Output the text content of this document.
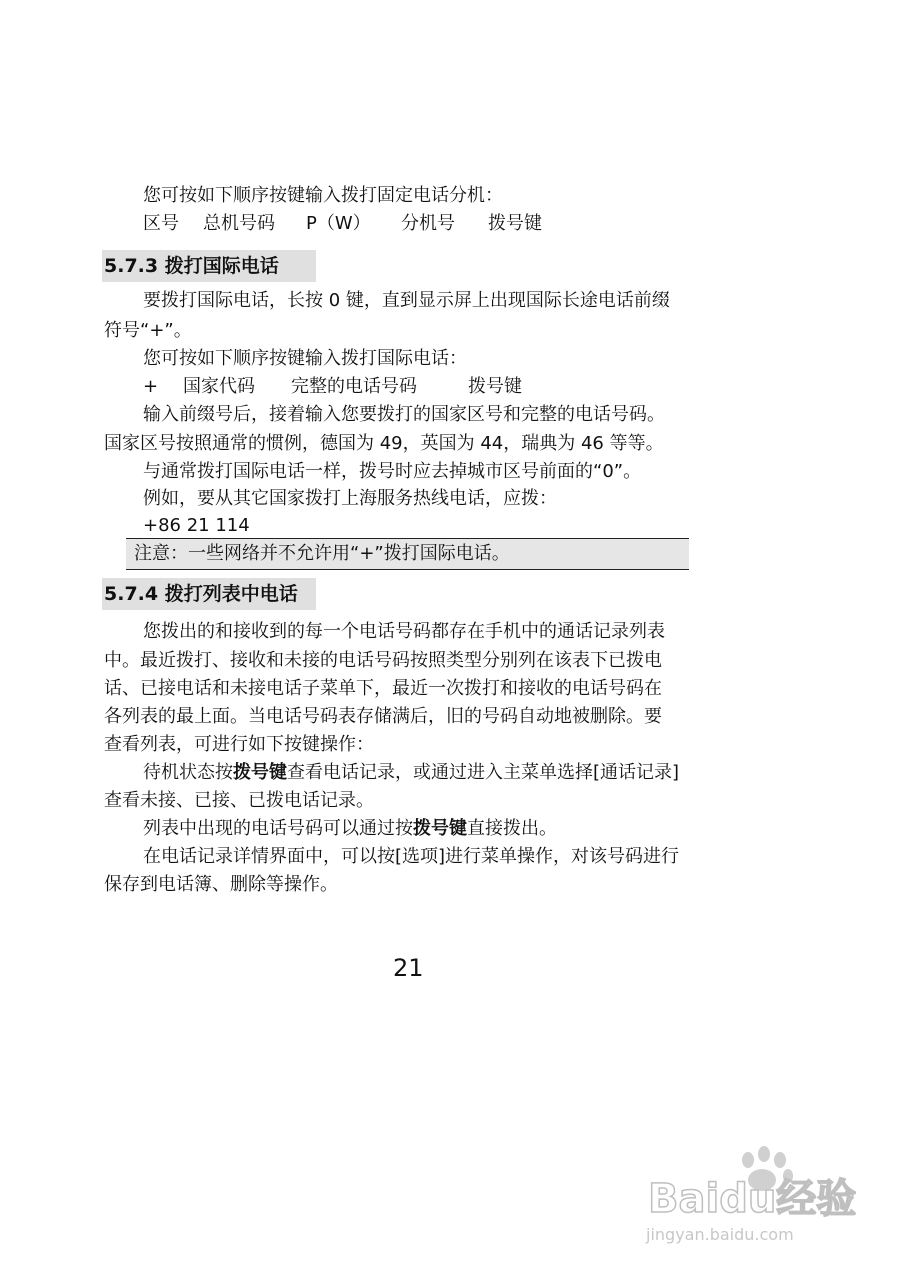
您可按如下顺序按键输入拨打固定电话分机：
区号 总机号码 P（W） 分机号 拨号键
5.7.3 拨打国际电话
要拨打国际电话，长按 0 键，直到显示屏上出现国际长途电话前缀
符号“+”。
您可按如下顺序按键输入拨打国际电话：
+ 国家代码 完整的电话号码	拨号键
输入前缀号后，接着输入您要拨打的国家区号和完整的电话号码。
国家区号按照通常的惯例，德国为 49，英国为 44，瑞典为 46 等等。
与通常拨打国际电话一样，拨号时应去掉城市区号前面的“0”。
例如，要从其它国家拨打上海服务热线电话，应拨：
+86 21 114
注意：一些网络并不允许用“+”拨打国际电话。
5.7.4 拨打列表中电话
您拨出的和接收到的每一个电话号码都存在手机中的通话记录列表
中。最近拨打、接收和未接的电话号码按照类型分别列在该表下已拨电
话、已接电话和未接电话子菜单下，最近一次拨打和接收的电话号码在
各列表的最上面。当电话号码表存储满后，旧的号码自动地被删除。要
查看列表，可进行如下按键操作：
待机状态按拨号键查看电话记录，或通过进入主菜单选择[通话记录]
查看未接、已接、已拨电话记录。
列表中出现的电话号码可以通过按拨号键直接拨出。
在电话记录详情界面中，可以按[选项]进行菜单操作，对该号码进行
保存到电话簿、删除等操作。
21
Baidu经验
jingyan.baidu.com
